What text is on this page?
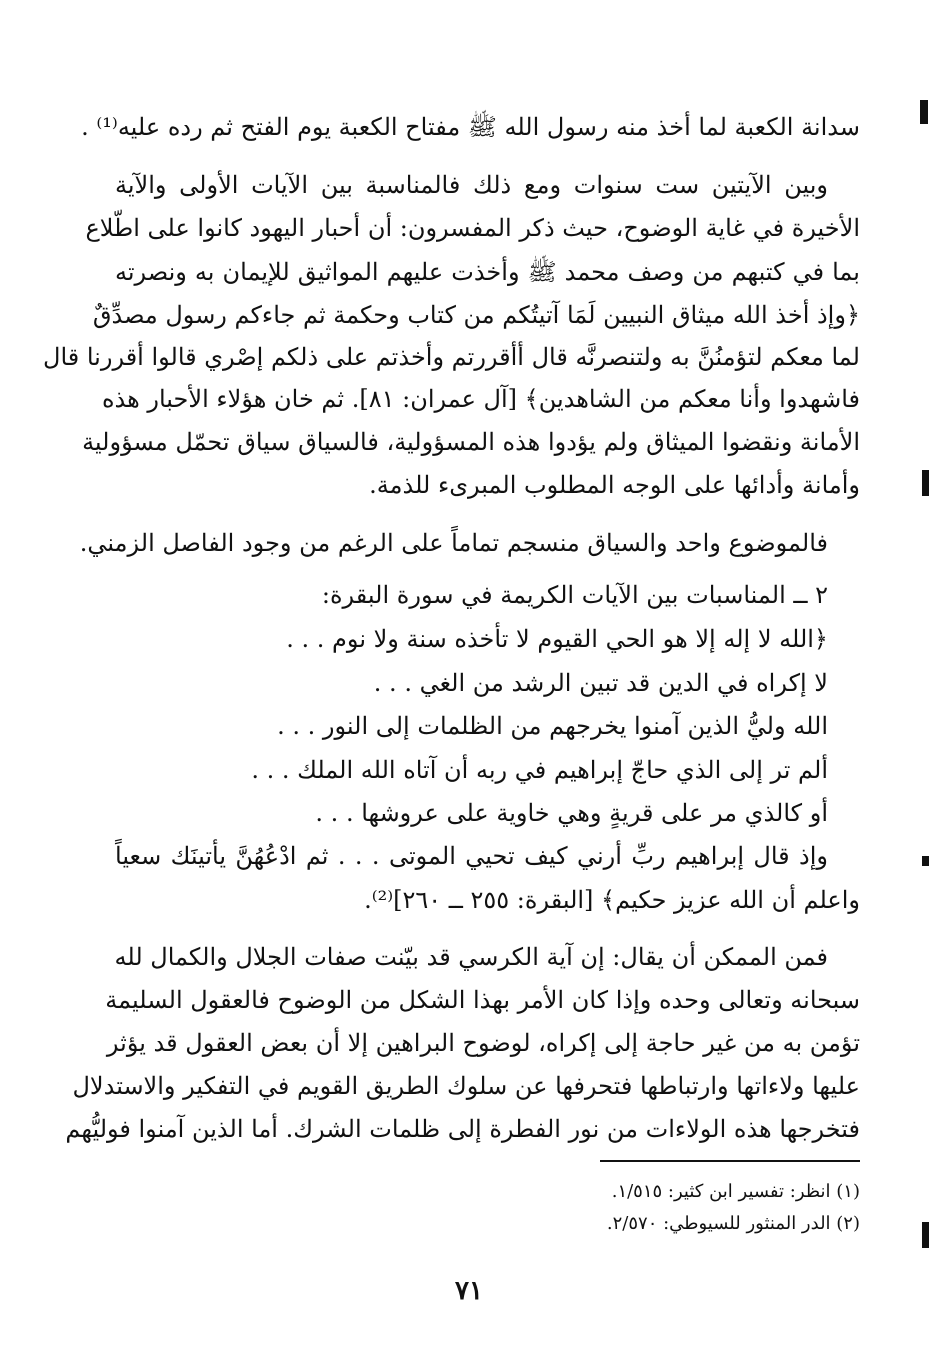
سدانة الكعبة لما أخذ منه رسول الله ﷺ مفتاح الكعبة يوم الفتح ثم رده عليه⁽¹⁾ .
وبين الآيتين ست سنوات ومع ذلك فالمناسبة بين الآيات الأولى والآية
الأخيرة في غاية الوضوح، حيث ذكر المفسرون: أن أحبار اليهود كانوا على اطّلاع
بما في كتبهم من وصف محمد ﷺ وأخذت عليهم المواثيق للإيمان به ونصرته
﴿وإذ أخذ الله ميثاق النبيين لَمَا آتيتُكم من كتاب وحكمة ثم جاءكم رسول مصدِّقٌ
لما معكم لتؤمنُنَّ به ولتنصرنَّه قال أأقررتم وأخذتم على ذلكم إصْري قالوا أقررنا قال
فاشهدوا وأنا معكم من الشاهدين﴾ [آل عمران: ٨١]. ثم خان هؤلاء الأحبار هذه
الأمانة ونقضوا الميثاق ولم يؤدوا هذه المسؤولية، فالسياق سياق تحمّل مسؤولية
وأمانة وأدائها على الوجه المطلوب المبرىء للذمة.
فالموضوع واحد والسياق منسجم تماماً على الرغم من وجود الفاصل الزمني.
٢ ــ المناسبات بين الآيات الكريمة في سورة البقرة:
﴿الله لا إله إلا هو الحي القيوم لا تأخذه سنة ولا نوم . . .
لا إكراه في الدين قد تبين الرشد من الغي . . .
الله وليُّ الذين آمنوا يخرجهم من الظلمات إلى النور . . .
ألم تر إلى الذي حاجّ إبراهيم في ربه أن آتاه الله الملك . . .
أو كالذي مر على قريةٍ وهي خاوية على عروشها . . .
وإذ قال إبراهيم ربِّ أرني كيف تحيي الموتى . . . ثم ادْعُهُنَّ يأتينَك سعياً
واعلم أن الله عزيز حكيم﴾ [البقرة: ٢٥٥ ــ ٢٦٠]⁽²⁾.
فمن الممكن أن يقال: إن آية الكرسي قد بيّنت صفات الجلال والكمال لله
سبحانه وتعالى وحده وإذا كان الأمر بهذا الشكل من الوضوح فالعقول السليمة
تؤمن به من غير حاجة إلى إكراه، لوضوح البراهين إلا أن بعض العقول قد يؤثر
عليها ولاءاتها وارتباطها فتحرفها عن سلوك الطريق القويم في التفكير والاستدلال
فتخرجها هذه الولاءات من نور الفطرة إلى ظلمات الشرك. أما الذين آمنوا فوليُّهم
(١) انظر: تفسير ابن كثير: ١/٥١٥.
(٢) الدر المنثور للسيوطي: ٢/٥٧٠.
٧١
